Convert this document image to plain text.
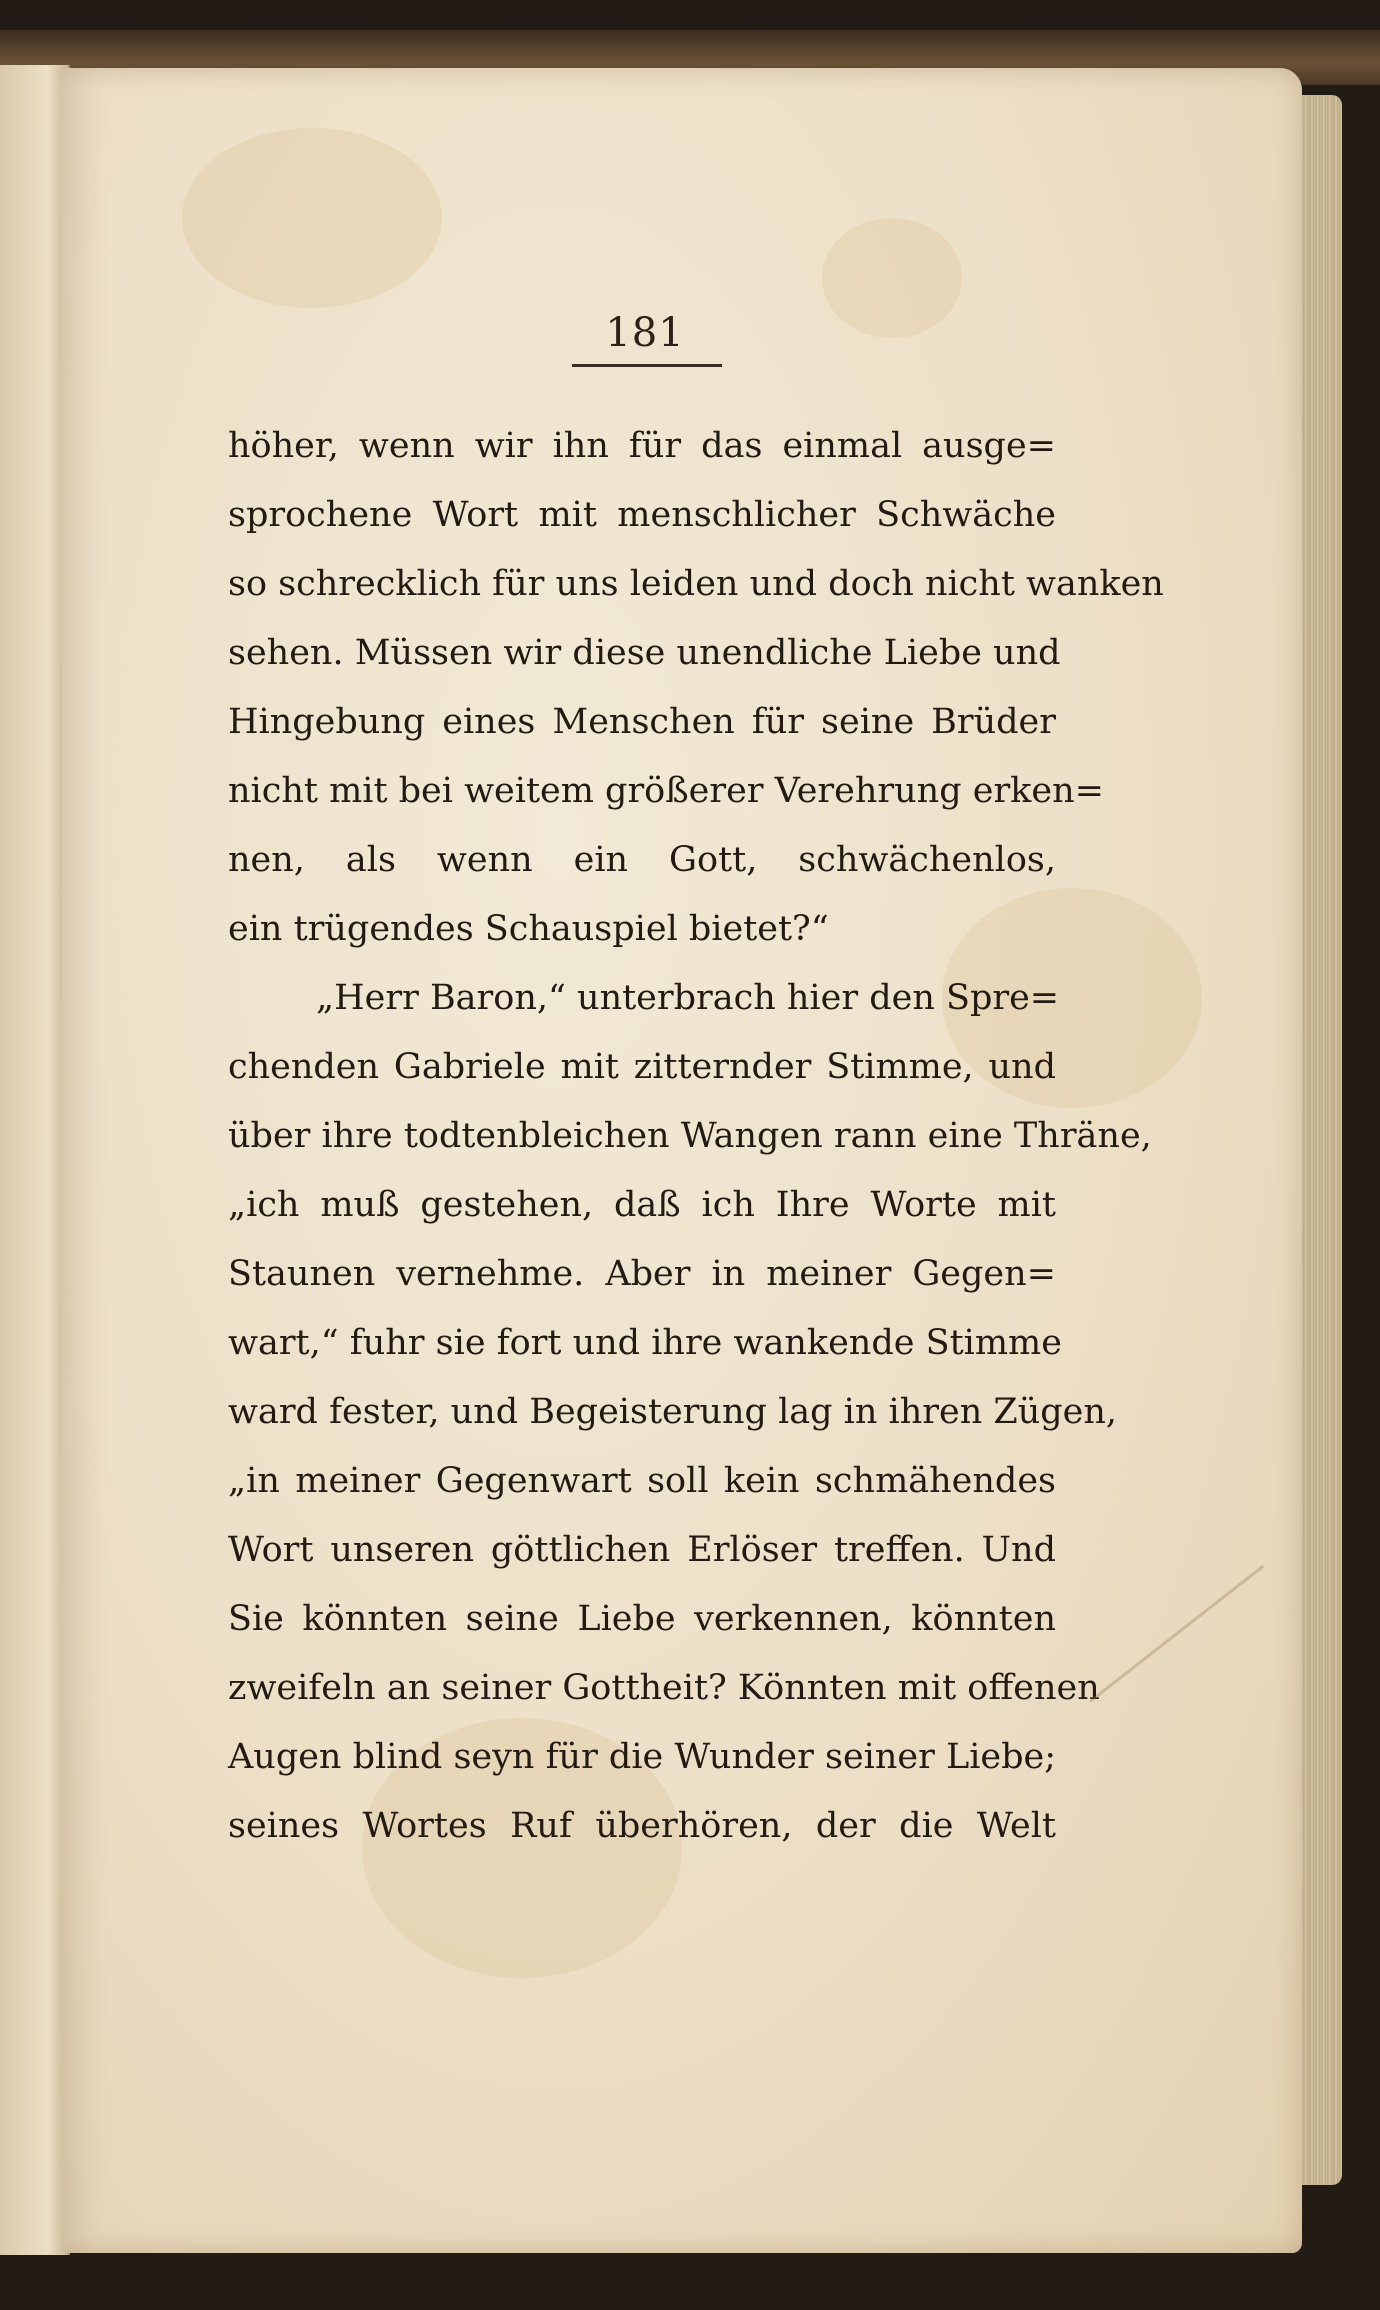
181
höher, wenn wir ihn für das einmal ausge=
sprochene Wort mit menschlicher Schwäche
so schrecklich für uns leiden und doch nicht wanken
sehen. Müssen wir diese unendliche Liebe und
Hingebung eines Menschen für seine Brüder
nicht mit bei weitem größerer Verehrung erken=
nen, als wenn ein Gott, schwächenlos,
ein trügendes Schauspiel bietet?“
„Herr Baron,“ unterbrach hier den Spre=
chenden Gabriele mit zitternder Stimme, und
über ihre todtenbleichen Wangen rann eine Thräne,
„ich muß gestehen, daß ich Ihre Worte mit
Staunen vernehme. Aber in meiner Gegen=
wart,“ fuhr sie fort und ihre wankende Stimme
ward fester, und Begeisterung lag in ihren Zügen,
„in meiner Gegenwart soll kein schmähendes
Wort unseren göttlichen Erlöser treffen. Und
Sie könnten seine Liebe verkennen, könnten
zweifeln an seiner Gottheit? Könnten mit offenen
Augen blind seyn für die Wunder seiner Liebe;
seines Wortes Ruf überhören, der die Welt
